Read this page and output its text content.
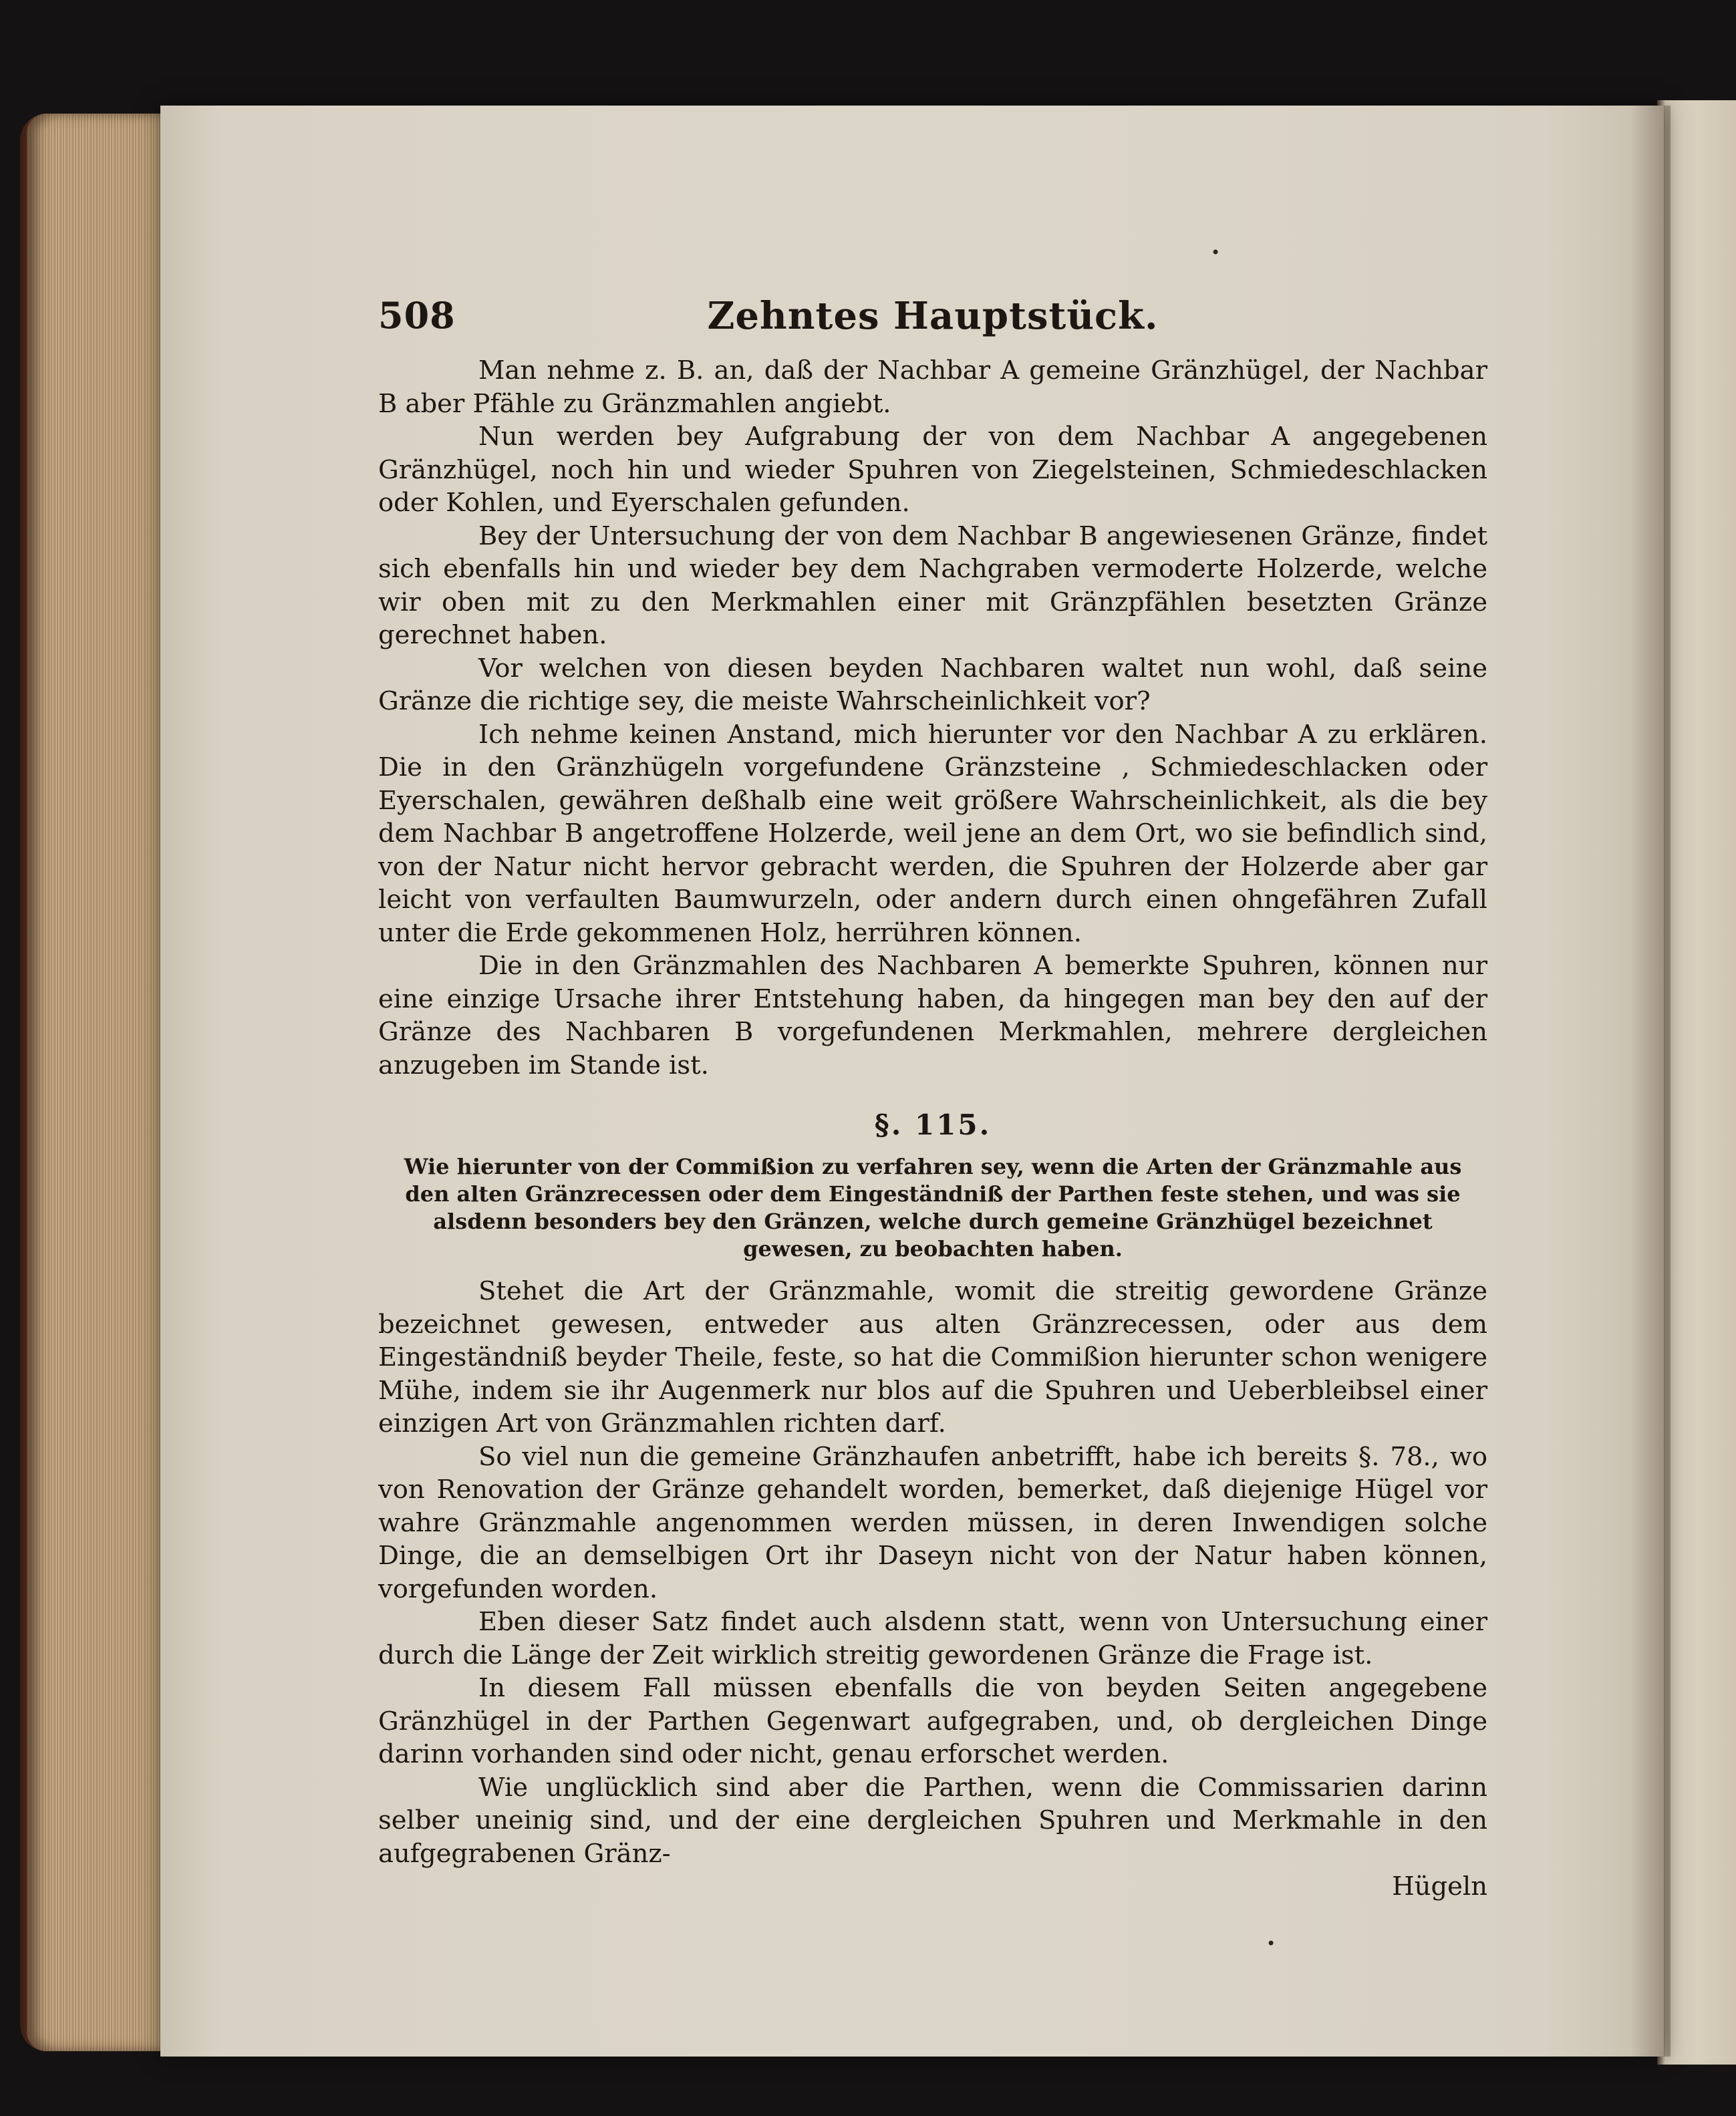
•
•
508	Zehntes Hauptstück.

Man nehme z. B. an, daß der Nachbar A gemeine Gränzhügel, der Nachbar B aber Pfähle zu Gränzmahlen angiebt.

Nun werden bey Aufgrabung der von dem Nachbar A angegebenen Gränzhügel, noch hin und wieder Spuhren von Ziegelsteinen, Schmiedeschlacken oder Kohlen, und Eyerschalen gefunden.

Bey der Untersuchung der von dem Nachbar B angewiesenen Gränze, findet sich ebenfalls hin und wieder bey dem Nachgraben vermoderte Holzerde, welche wir oben mit zu den Merkmahlen einer mit Gränzpfählen besetzten Gränze gerechnet haben.

Vor welchen von diesen beyden Nachbaren waltet nun wohl, daß seine Gränze die richtige sey, die meiste Wahrscheinlichkeit vor?

Ich nehme keinen Anstand, mich hierunter vor den Nachbar A zu erklären. Die in den Gränzhügeln vorgefundene Gränzsteine , Schmiedeschlacken oder Eyerschalen, gewähren deßhalb eine weit größere Wahrscheinlichkeit, als die bey dem Nachbar B angetroffene Holzerde, weil jene an dem Ort, wo sie befindlich sind, von der Natur nicht hervor gebracht werden, die Spuhren der Holzerde aber gar leicht von verfaulten Baumwurzeln, oder andern durch einen ohngefähren Zufall unter die Erde gekommenen Holz, herrühren können.

Die in den Gränzmahlen des Nachbaren A bemerkte Spuhren, können nur eine einzige Ursache ihrer Entstehung haben, da hingegen man bey den auf der Gränze des Nachbaren B vorgefundenen Merkmahlen, mehrere dergleichen anzugeben im Stande ist.

§. 115.
Wie hierunter von der Commißion zu verfahren sey, wenn die Arten der Gränzmahle aus den alten Gränzrecessen oder dem Eingeständniß der Parthen feste stehen, und was sie alsdenn besonders bey den Gränzen, welche durch gemeine Gränzhügel bezeichnet gewesen, zu beobachten haben.

Stehet die Art der Gränzmahle, womit die streitig gewordene Gränze bezeichnet gewesen, entweder aus alten Gränzrecessen, oder aus dem Eingeständniß beyder Theile, feste, so hat die Commißion hierunter schon wenigere Mühe, indem sie ihr Augenmerk nur blos auf die Spuhren und Ueberbleibsel einer einzigen Art von Gränzmahlen richten darf.

So viel nun die gemeine Gränzhaufen anbetrifft, habe ich bereits §. 78., wo von Renovation der Gränze gehandelt worden, bemerket, daß diejenige Hügel vor wahre Gränzmahle angenommen werden müssen, in deren Inwendigen solche Dinge, die an demselbigen Ort ihr Daseyn nicht von der Natur haben können, vorgefunden worden.

Eben dieser Satz findet auch alsdenn statt, wenn von Untersuchung einer durch die Länge der Zeit wirklich streitig gewordenen Gränze die Frage ist.

In diesem Fall müssen ebenfalls die von beyden Seiten angegebene Gränzhügel in der Parthen Gegenwart aufgegraben, und, ob dergleichen Dinge darinn vorhanden sind oder nicht, genau erforschet werden.

Wie unglücklich sind aber die Parthen, wenn die Commissarien darinn selber uneinig sind, und der eine dergleichen Spuhren und Merkmahle in den aufgegrabenen Gränz-

Hügeln
